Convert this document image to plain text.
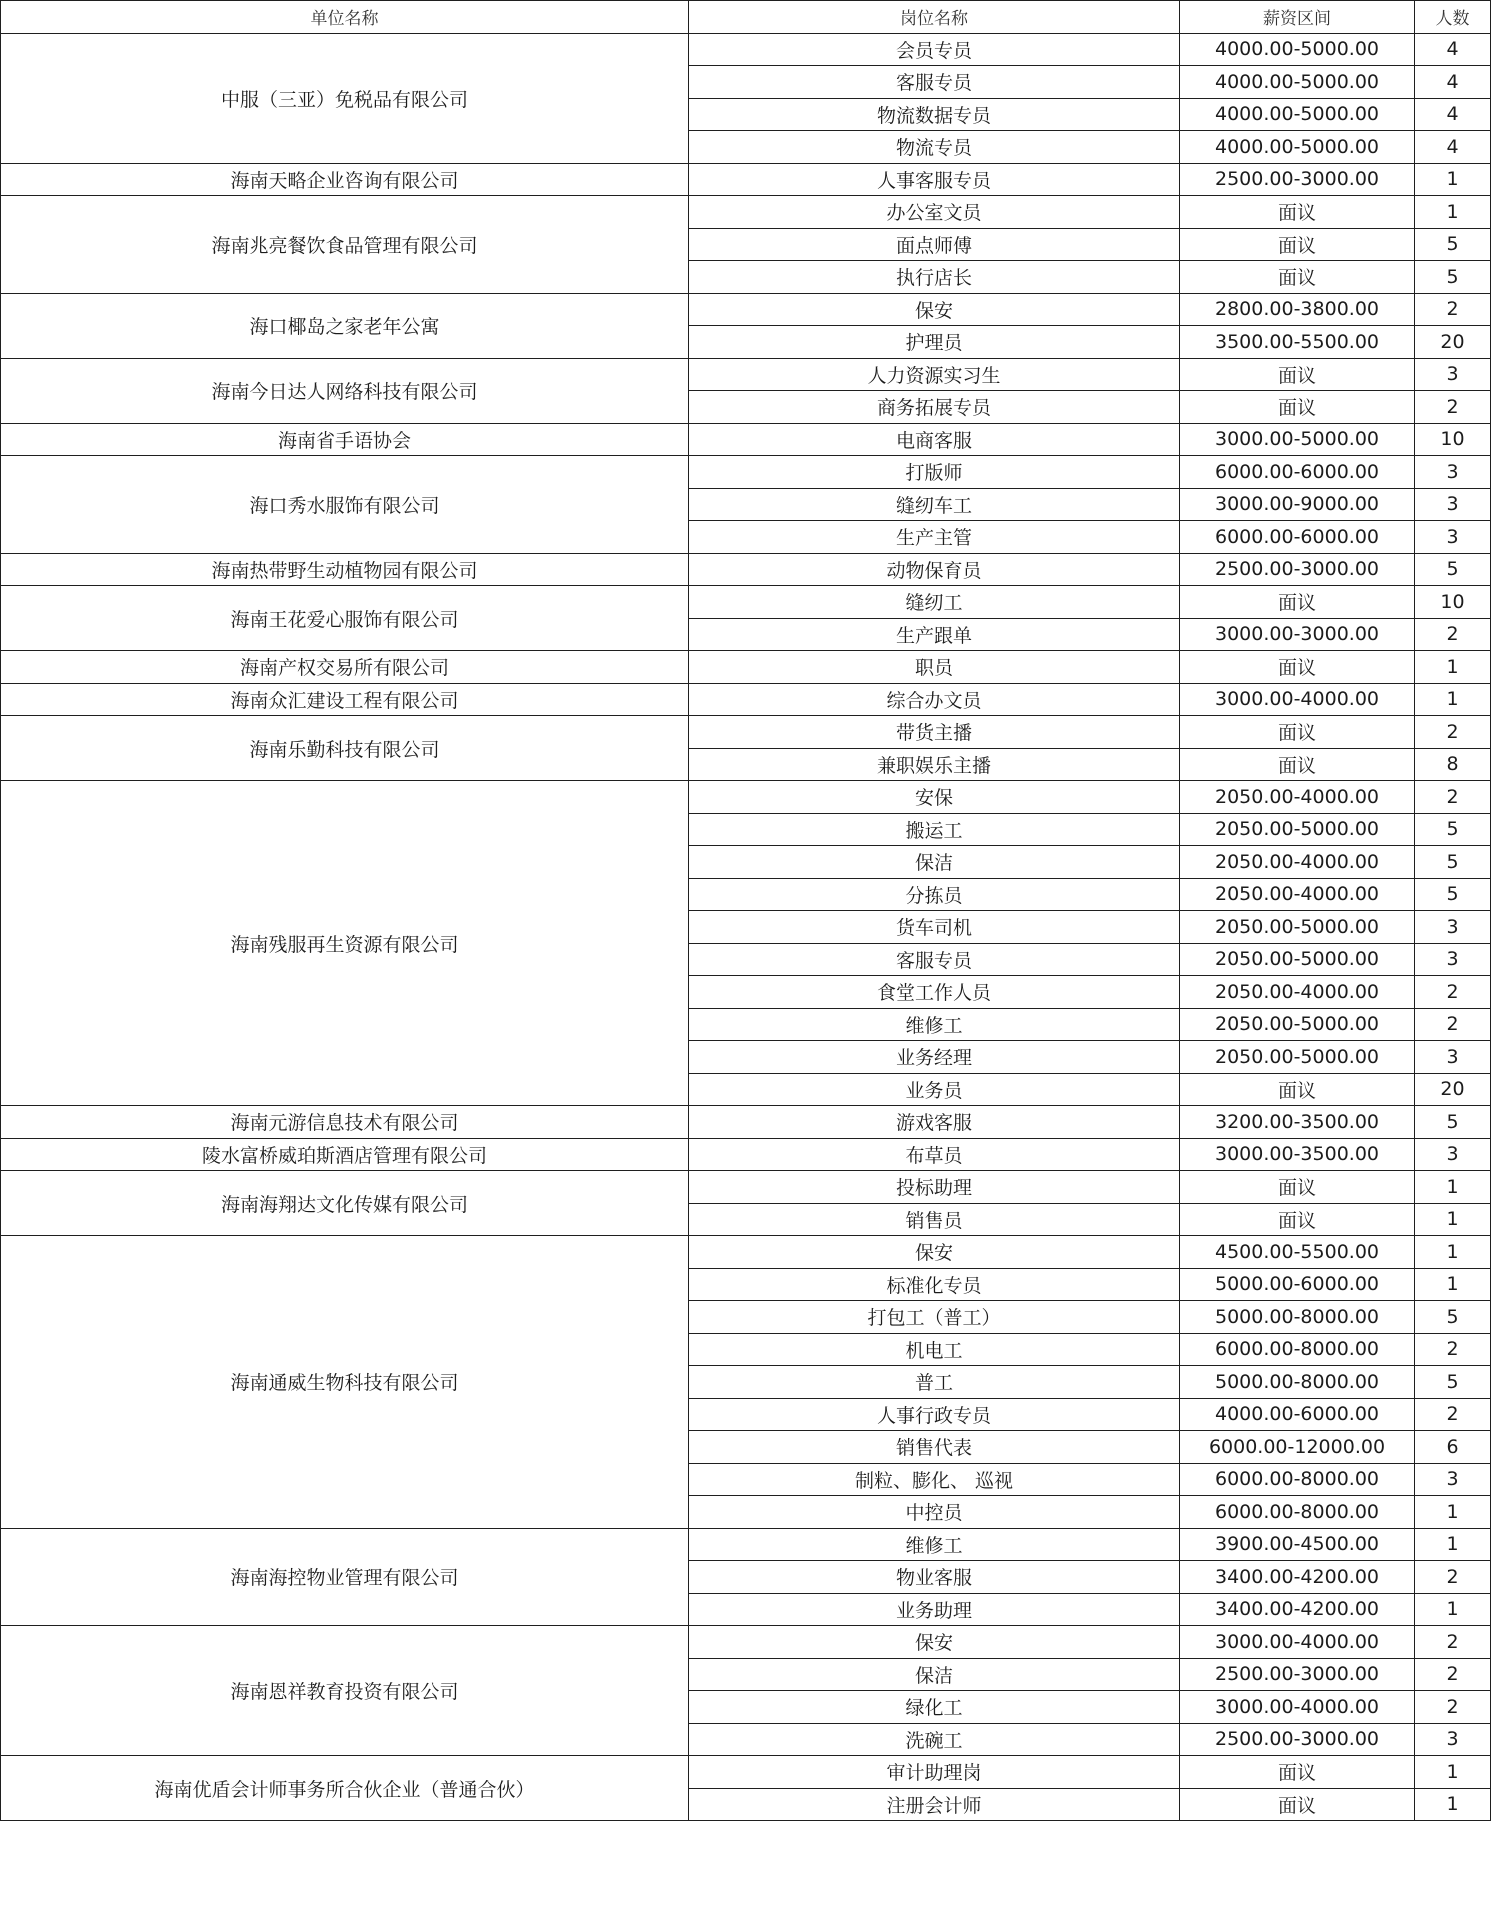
单位名称	岗位名称	薪资区间	人数
中服（三亚）免税品有限公司	会员专员	4000.00-5000.00	4
	客服专员	4000.00-5000.00	4
	物流数据专员	4000.00-5000.00	4
	物流专员	4000.00-5000.00	4
海南天略企业咨询有限公司	人事客服专员	2500.00-3000.00	1
海南兆亮餐饮食品管理有限公司	办公室文员	面议	1
	面点师傅	面议	5
	执行店长	面议	5
海口椰岛之家老年公寓	保安	2800.00-3800.00	2
	护理员	3500.00-5500.00	20
海南今日达人网络科技有限公司	人力资源实习生	面议	3
	商务拓展专员	面议	2
海南省手语协会	电商客服	3000.00-5000.00	10
海口秀水服饰有限公司	打版师	6000.00-6000.00	3
	缝纫车工	3000.00-9000.00	3
	生产主管	6000.00-6000.00	3
海南热带野生动植物园有限公司	动物保育员	2500.00-3000.00	5
海南王花爱心服饰有限公司	缝纫工	面议	10
	生产跟单	3000.00-3000.00	2
海南产权交易所有限公司	职员	面议	1
海南众汇建设工程有限公司	综合办文员	3000.00-4000.00	1
海南乐勤科技有限公司	带货主播	面议	2
	兼职娱乐主播	面议	8
海南残服再生资源有限公司	安保	2050.00-4000.00	2
	搬运工	2050.00-5000.00	5
	保洁	2050.00-4000.00	5
	分拣员	2050.00-4000.00	5
	货车司机	2050.00-5000.00	3
	客服专员	2050.00-5000.00	3
	食堂工作人员	2050.00-4000.00	2
	维修工	2050.00-5000.00	2
	业务经理	2050.00-5000.00	3
	业务员	面议	20
海南元游信息技术有限公司	游戏客服	3200.00-3500.00	5
陵水富桥威珀斯酒店管理有限公司	布草员	3000.00-3500.00	3
海南海翔达文化传媒有限公司	投标助理	面议	1
	销售员	面议	1
海南通威生物科技有限公司	保安	4500.00-5500.00	1
	标准化专员	5000.00-6000.00	1
	打包工（普工）	5000.00-8000.00	5
	机电工	6000.00-8000.00	2
	普工	5000.00-8000.00	5
	人事行政专员	4000.00-6000.00	2
	销售代表	6000.00-12000.00	6
	制粒、膨化、 巡视	6000.00-8000.00	3
	中控员	6000.00-8000.00	1
海南海控物业管理有限公司	维修工	3900.00-4500.00	1
	物业客服	3400.00-4200.00	2
	业务助理	3400.00-4200.00	1
海南恩祥教育投资有限公司	保安	3000.00-4000.00	2
	保洁	2500.00-3000.00	2
	绿化工	3000.00-4000.00	2
	洗碗工	2500.00-3000.00	3
海南优盾会计师事务所合伙企业（普通合伙）	审计助理岗	面议	1
	注册会计师	面议	1
